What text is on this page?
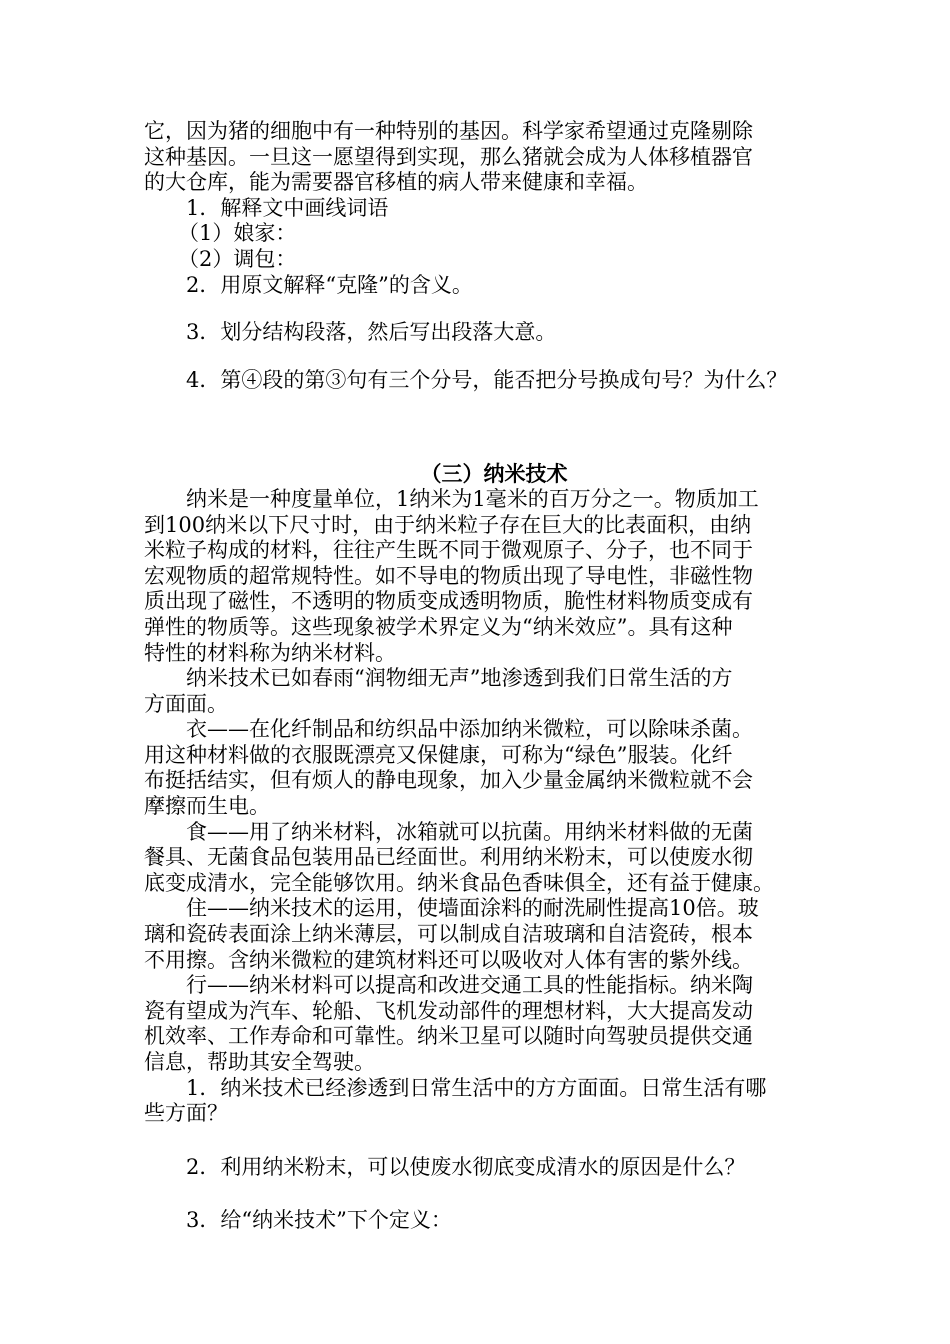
它，因为猪的细胞中有一种特别的基因。科学家希望通过克隆剔除
这种基因。一旦这一愿望得到实现，那么猪就会成为人体移植器官
的大仓库，能为需要器官移植的病人带来健康和幸福。
1．解释文中画线词语
（1）娘家：
（2）调包：
2．用原文解释“克隆”的含义。
3．划分结构段落，然后写出段落大意。
4．第④段的第③句有三个分号，能否把分号换成句号？为什么？
（三）纳米技术
纳米是一种度量单位，1纳米为1毫米的百万分之一。物质加工
到100纳米以下尺寸时，由于纳米粒子存在巨大的比表面积，由纳
米粒子构成的材料，往往产生既不同于微观原子、分子，也不同于
宏观物质的超常规特性。如不导电的物质出现了导电性，非磁性物
质出现了磁性，不透明的物质变成透明物质，脆性材料物质变成有
弹性的物质等。这些现象被学术界定义为“纳米效应”。具有这种
特性的材料称为纳米材料。
纳米技术已如春雨“润物细无声”地渗透到我们日常生活的方
方面面。
衣——在化纤制品和纺织品中添加纳米微粒，可以除味杀菌。
用这种材料做的衣服既漂亮又保健康，可称为“绿色”服装。化纤
布挺括结实，但有烦人的静电现象，加入少量金属纳米微粒就不会
摩擦而生电。
食——用了纳米材料，冰箱就可以抗菌。用纳米材料做的无菌
餐具、无菌食品包装用品已经面世。利用纳米粉末，可以使废水彻
底变成清水，完全能够饮用。纳米食品色香味俱全，还有益于健康。
住——纳米技术的运用，使墙面涂料的耐洗刷性提高10倍。玻
璃和瓷砖表面涂上纳米薄层，可以制成自洁玻璃和自洁瓷砖，根本
不用擦。含纳米微粒的建筑材料还可以吸收对人体有害的紫外线。
行——纳米材料可以提高和改进交通工具的性能指标。纳米陶
瓷有望成为汽车、轮船、飞机发动部件的理想材料，大大提高发动
机效率、工作寿命和可靠性。纳米卫星可以随时向驾驶员提供交通
信息，帮助其安全驾驶。
1．纳米技术已经渗透到日常生活中的方方面面。日常生活有哪
些方面？
2．利用纳米粉末，可以使废水彻底变成清水的原因是什么？
3．给“纳米技术”下个定义：
